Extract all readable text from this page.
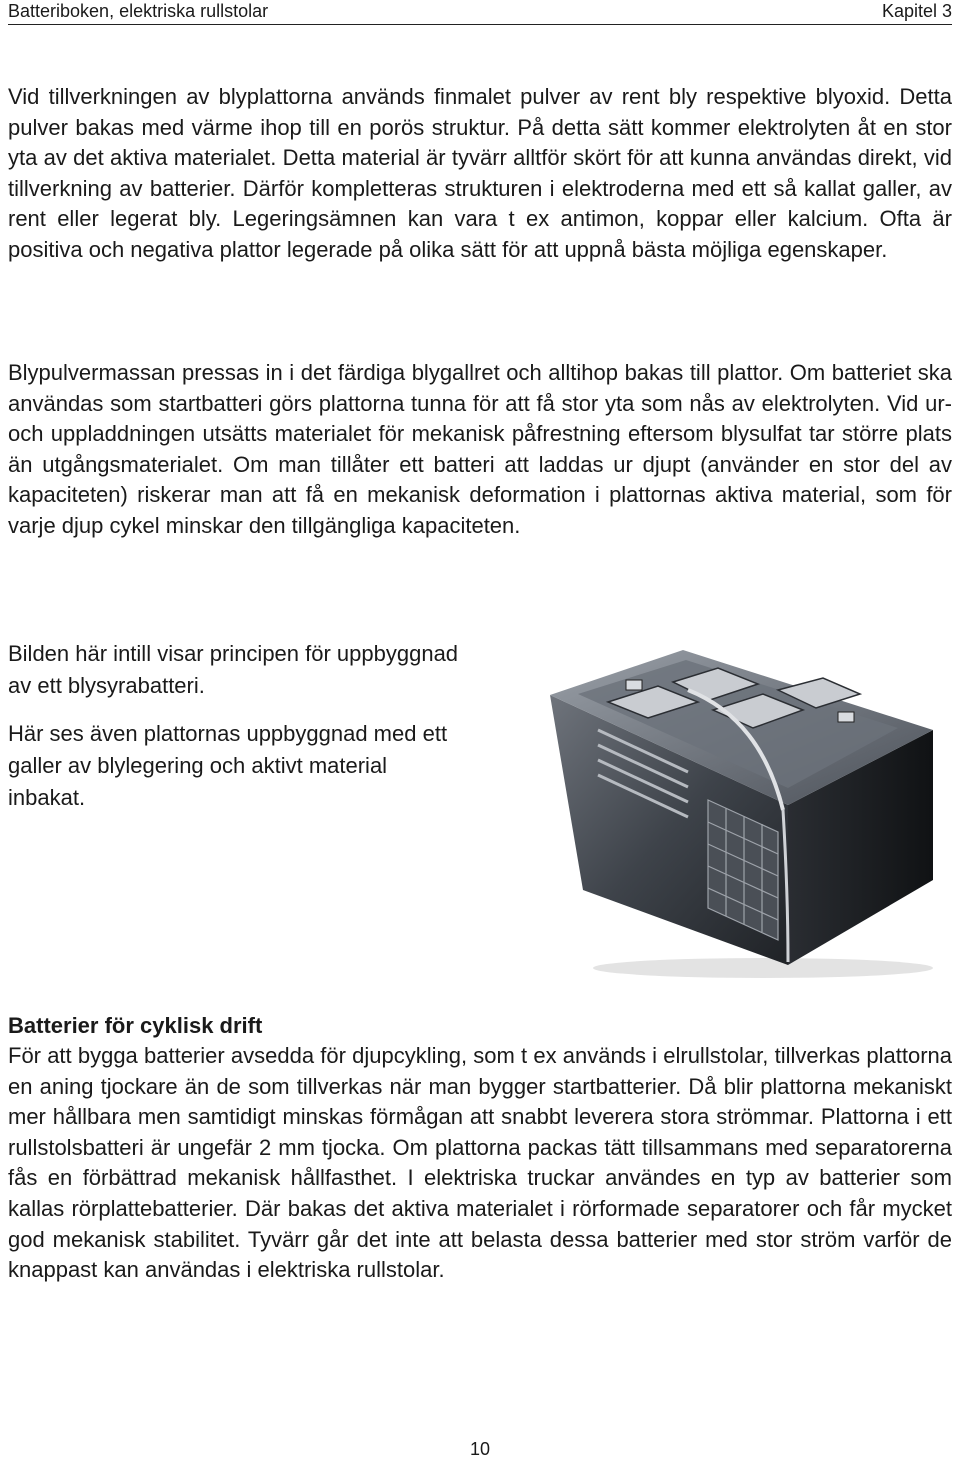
Batteriboken, elektriska rullstolar	Kapitel 3

Vid tillverkningen av blyplattorna används finmalet pulver av rent bly respektive blyoxid. Detta pulver bakas med värme ihop till en porös struktur. På detta sätt kommer elektrolyten åt en stor yta av det aktiva materialet. Detta material är tyvärr alltför skört för att kunna användas direkt, vid tillverkning av batterier. Därför kompletteras strukturen i elektroderna med ett så kallat galler, av rent eller legerat bly. Legeringsämnen kan vara t ex antimon, koppar eller kalcium. Ofta är positiva och negativa plattor legerade på olika sätt för att uppnå bästa möjliga egenskaper.

Blypulvermassan pressas in i det färdiga blygallret och alltihop bakas till plattor. Om batteriet ska användas som startbatteri görs plattorna tunna för att få stor yta som nås av elektrolyten. Vid ur- och uppladdningen utsätts materialet för mekanisk påfrestning eftersom blysulfat tar större plats än utgångsmaterialet. Om man tillåter ett batteri att laddas ur djupt (använder en stor del av kapaciteten) riskerar man att få en mekanisk deformation i plattornas aktiva material, som för varje djup cykel minskar den tillgängliga kapaciteten.

Bilden här intill visar principen för uppbyggnad av ett blysyrabatteri.

Här ses även plattornas uppbyggnad med ett galler av blylegering och aktivt material inbakat.

Batterier för cyklisk drift

För att bygga batterier avsedda för djupcykling, som t ex används i elrullstolar, tillverkas plattorna en aning tjockare än de som tillverkas när man bygger startbatterier. Då blir plattorna mekaniskt mer hållbara men samtidigt minskas förmågan att snabbt leverera stora strömmar. Plattorna i ett rullstolsbatteri är ungefär 2 mm tjocka. Om plattorna packas tätt tillsammans med separatorerna fås en förbättrad mekanisk hållfasthet. I elektriska truckar användes en typ av batterier som kallas rörplattebatterier. Där bakas det aktiva materialet i rörformade separatorer och får mycket god mekanisk stabilitet. Tyvärr går det inte att belasta dessa batterier med stor ström varför de knappast kan användas i elektriska rullstolar.

10
